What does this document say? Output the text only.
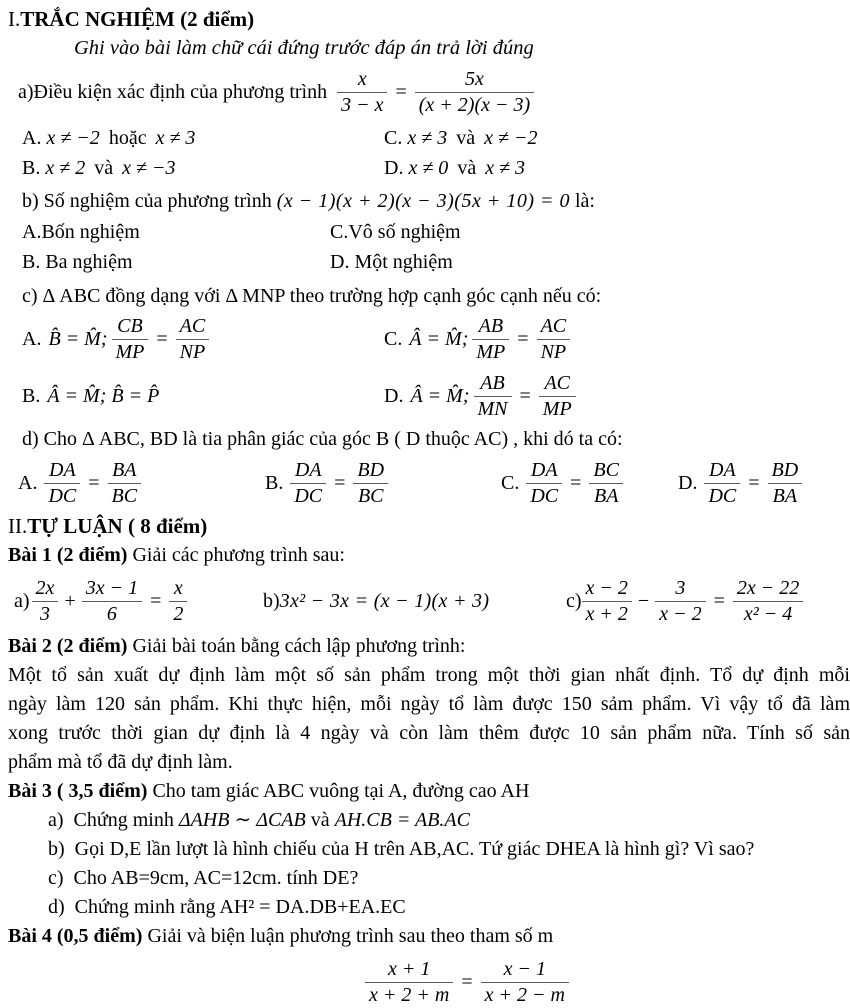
I.TRẮC NGHIỆM (2 điểm)
Ghi vào bài làm chữ cái đứng trước đáp án trả lời đúng
a)Điều kiện xác định của phương trình $\frac{x}{3 - x} = \frac{5x}{(x + 2)(x - 3)}$
A. x ≠ −2 hoặc x ≠ 3	C. x ≠ 3 và x ≠ −2
B. x ≠ 2 và x ≠ −3	D. x ≠ 0 và x ≠ 3
b) Số nghiệm của phương trình (x − 1)(x + 2)(x − 3)(5x + 10) = 0 là:
A.Bốn nghiệm	C.Vô số nghiệm
B. Ba nghiệm	D. Một nghiệm
c) Δ ABC đồng dạng với Δ MNP theo trường hợp cạnh góc cạnh nếu có:
A. B̂ = M̂; $\frac{CB}{MP} = \frac{AC}{NP}$	C. Â = M̂; $\frac{AB}{MP} = \frac{AC}{NP}$
B. Â = M̂; B̂ = P̂	D. Â = M̂; $\frac{AB}{MN} = \frac{AC}{MP}$
d) Cho Δ ABC, BD là tia phân giác của góc B ( D thuộc AC) , khi dó ta có:
A. $\frac{DA}{DC} = \frac{BA}{BC}$	B. $\frac{DA}{DC} = \frac{BD}{BC}$	C. $\frac{DA}{DC} = \frac{BC}{BA}$	D. $\frac{DA}{DC} = \frac{BD}{BA}$
II.TỰ LUẬN ( 8 điểm)
Bài 1 (2 điểm) Giải các phương trình sau:
$a) \frac{2x}{3} + \frac{3x - 1}{6} = \frac{x}{2}$	b) 3x² − 3x = (x − 1)(x + 3)	$c) \frac{x - 2}{x + 2} - \frac{3}{x - 2} = \frac{2x - 22}{\text{x² − 4}}$
Bài 2 (2 điểm) Giải bài toán bằng cách lập phương trình:
Một tổ sản xuất dự định làm một số sản phẩm trong một thời gian nhất định. Tổ dự định mỗi
ngày làm 120 sản phẩm. Khi thực hiện, mỗi ngày tổ làm được 150 sảm phẩm. Vì vậy tổ đã làm
xong trước thời gian dự định là 4 ngày và còn làm thêm được 10 sản phẩm nữa. Tính số sản
phẩm mà tổ đã dự định làm.
Bài 3 ( 3,5 điểm) Cho tam giác ABC vuông tại A, đường cao AH
a) Chứng minh ΔAHB ∼ ΔCAB và AH.CB = AB.AC
b) Gọi D,E lần lượt là hình chiếu của H trên AB,AC. Tứ giác DHEA là hình gì? Vì sao?
c) Cho AB=9cm, AC=12cm. tính DE?
d) Chứng minh rằng AH² = DA.DB+EA.EC
Bài 4 (0,5 điểm) Giải và biện luận phương trình sau theo tham số m
$\frac{x + 1}{x + 2 + m} = \frac{x - 1}{x + 2 - m}$
